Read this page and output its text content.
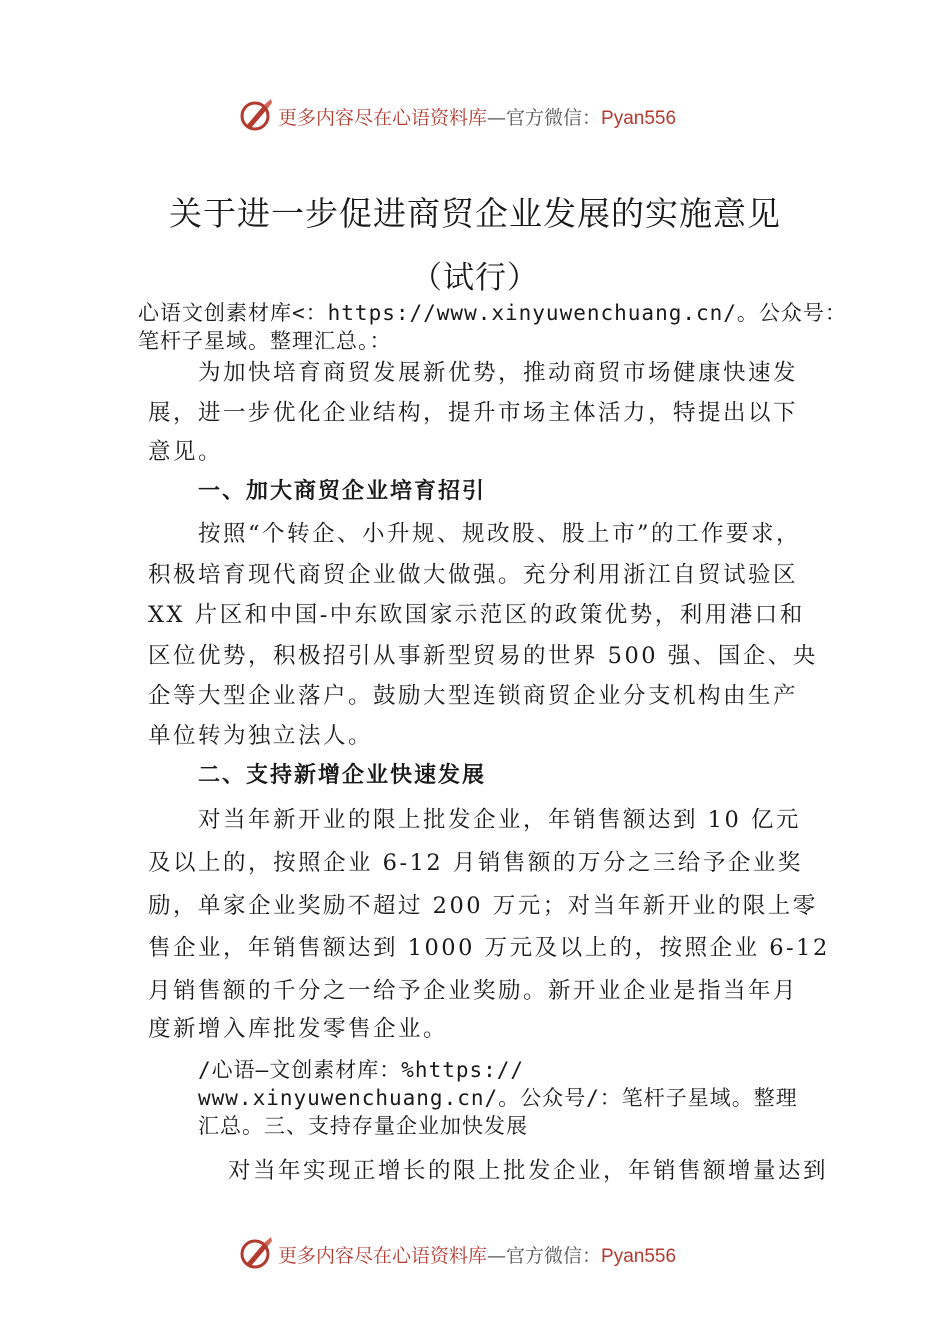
更多内容尽在心语资料库—官方微信：Pyan556
关于进一步促进商贸企业发展的实施意见
（试行）
心语文创素材库<：https://www.xinyuwenchuang.cn/。公众号：
笔杆子星域。整理汇总。：
为加快培育商贸发展新优势，推动商贸市场健康快速发
展，进一步优化企业结构，提升市场主体活力，特提出以下
意见。
一、加大商贸企业培育招引
按照“个转企、小升规、规改股、股上市”的工作要求，
积极培育现代商贸企业做大做强。充分利用浙江自贸试验区
XX 片区和中国-中东欧国家示范区的政策优势，利用港口和
区位优势，积极招引从事新型贸易的世界 500 强、国企、央
企等大型企业落户。鼓励大型连锁商贸企业分支机构由生产
单位转为独立法人。
二、支持新增企业快速发展
对当年新开业的限上批发企业，年销售额达到 10 亿元
及以上的，按照企业 6-12 月销售额的万分之三给予企业奖
励，单家企业奖励不超过 200 万元；对当年新开业的限上零
售企业，年销售额达到 1000 万元及以上的，按照企业 6-12
月销售额的千分之一给予企业奖励。新开业企业是指当年月
度新增入库批发零售企业。
/心语—文创素材库：%https://
www.xinyuwenchuang.cn/。公众号/：笔杆子星域。整理
汇总。三、支持存量企业加快发展
对当年实现正增长的限上批发企业，年销售额增量达到
更多内容尽在心语资料库—官方微信：Pyan556
